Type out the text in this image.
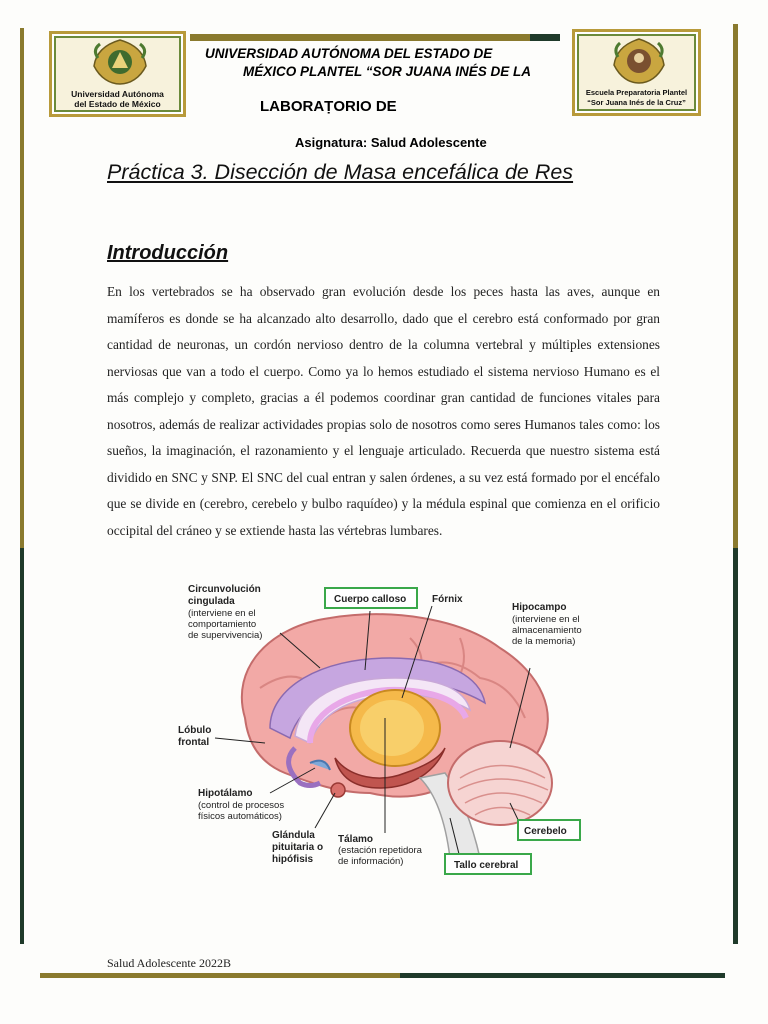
Universidad Autónoma del Estado de México
Escuela Preparatoria Plantel
“Sor Juana Inés de la Cruz”
UNIVERSIDAD AUTÓNOMA DEL ESTADO DE
MÉXICO PLANTEL “SOR JUANA INÉS DE LA
LABORAṬORIO DE
Asignatura: Salud Adolescente
Práctica 3. Disección de Masa encefálica de Res
Introducción
En los vertebrados se ha observado gran evolución desde los peces hasta las aves, aunque en mamíferos es donde se ha alcanzado alto desarrollo, dado que el cerebro está conformado por gran cantidad de neuronas, un cordón nervioso dentro de la columna vertebral y múltiples extensiones nerviosas que van a todo el cuerpo. Como ya lo hemos estudiado el sistema nervioso Humano es el más complejo y completo, gracias a él podemos coordinar gran cantidad de funciones vitales para nosotros, además de realizar actividades propias solo de nosotros como seres Humanos tales como: los sueños, la imaginación, el razonamiento y el lenguaje articulado. Recuerda que nuestro sistema está dividido en SNC y SNP. El SNC del cual entran y salen órdenes, a su vez está formado por el encéfalo que se divide en (cerebro, cerebelo y bulbo raquídeo) y la médula espinal que comienza en el orificio occipital del cráneo y se extiende hasta las vértebras lumbares.
Circunvolución
cingulada
(interviene en el
comportamiento
de supervivencia)
Cuerpo calloso	Fórnix
Hipocampo
(interviene en el
almacenamiento
de la memoria)
Lóbulo
frontal
Hipotálamo
(control de procesos
físicos automáticos)
Glándula
pituitaria o
hipófisis
Tálamo
(estación repetidora
de información)
Cerebelo
Tallo cerebral
Salud Adolescente 2022B
